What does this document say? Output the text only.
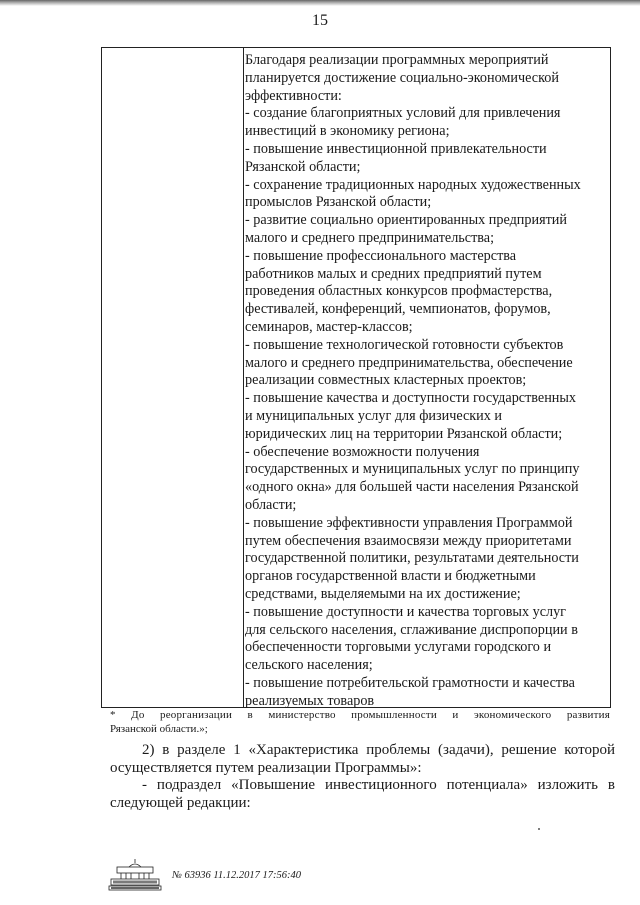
15

Благодаря реализации программных мероприятий

планируется достижение социально-экономической

эффективности:

- создание благоприятных условий для привлечения

инвестиций в экономику региона;

- повышение инвестиционной привлекательности

Рязанской области;

- сохранение традиционных народных художественных

промыслов Рязанской области;

- развитие социально ориентированных предприятий

малого и среднего предпринимательства;

- повышение профессионального мастерства

работников малых и средних предприятий путем

проведения областных конкурсов профмастерства,

фестивалей, конференций, чемпионатов, форумов,

семинаров, мастер-классов;

- повышение технологической готовности субъектов

малого и среднего предпринимательства, обеспечение

реализации совместных кластерных проектов;

- повышение качества и доступности государственных

и муниципальных услуг для физических и

юридических лиц на территории Рязанской области;

- обеспечение возможности получения

государственных и муниципальных услуг по принципу

«одного окна» для большей части населения Рязанской

области;

- повышение эффективности управления Программой

путем обеспечения взаимосвязи между приоритетами

государственной политики, результатами деятельности

органов государственной власти и бюджетными

средствами, выделяемыми на их достижение;

- повышение доступности и качества торговых услуг

для сельского населения, сглаживание диспропорции в

обеспеченности торговыми услугами городского и

сельского населения;

- повышение потребительской грамотности и качества

реализуемых товаров

* До реорганизации в министерство промышленности и экономического развития
Рязанской области.»;
2) в разделе 1 «Характеристика проблемы (задачи), решение которой
осуществляется путем реализации Программы»:
- подраздел «Повышение инвестиционного потенциала» изложить в
следующей редакции:
№ 63936 11.12.2017 17:56:40
